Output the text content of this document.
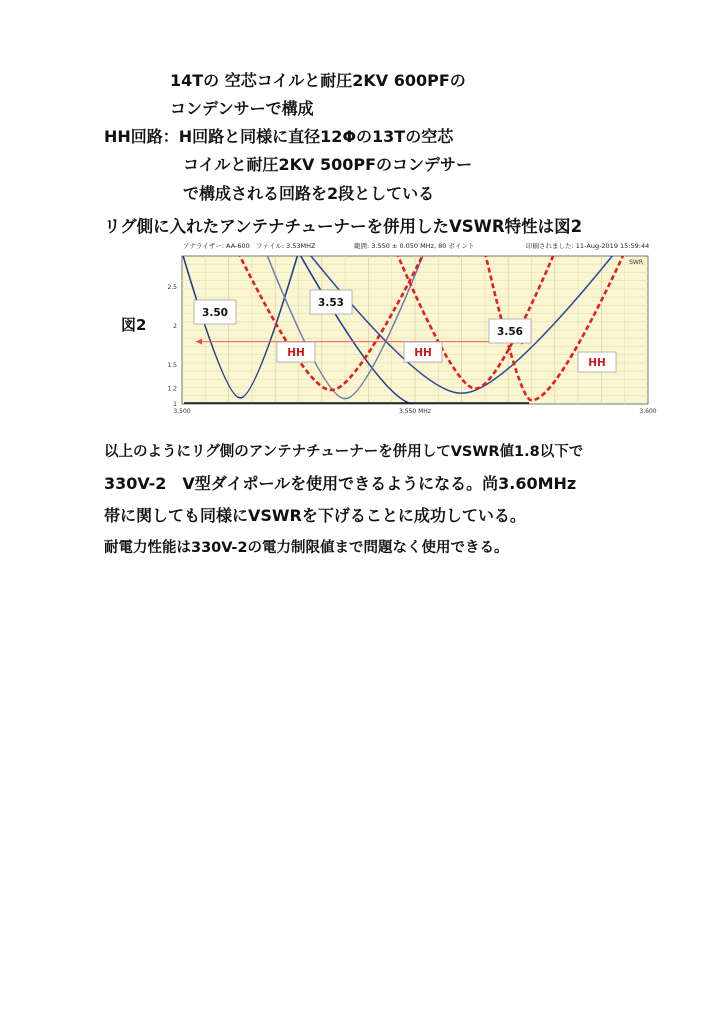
14Tの 空芯コイルと耐圧2KV 600PFの
コンデンサーで構成
HH回路：H回路と同様に直径12Φの13Tの空芯
コイルと耐圧2KV 500PFのコンデサー
で構成される回路を2段としている
リグ側に入れたアンテナチューナーを併用したVSWR特性は図2
図2
アナライザー: AA-600 ファイル: 3.53MHZ	範囲: 3.550 ± 0.050 MHz, 80 ポイント	印刷されました: 11-Aug-2019 15:59:44
1
1.2
1.5
2
2.5
3.500	3.550 MHz	3.600
SWR
3.50
3.53
3.56
HH	HH
HH
以上のようにリグ側のアンテナチューナーを併用してVSWR値1.8以下で
330V-2　V型ダイポールを使用できるようになる。尚3.60MHz
帯に関しても同様にVSWRを下げることに成功している。
耐電力性能は330V-2の電力制限値まで問題なく使用できる。
